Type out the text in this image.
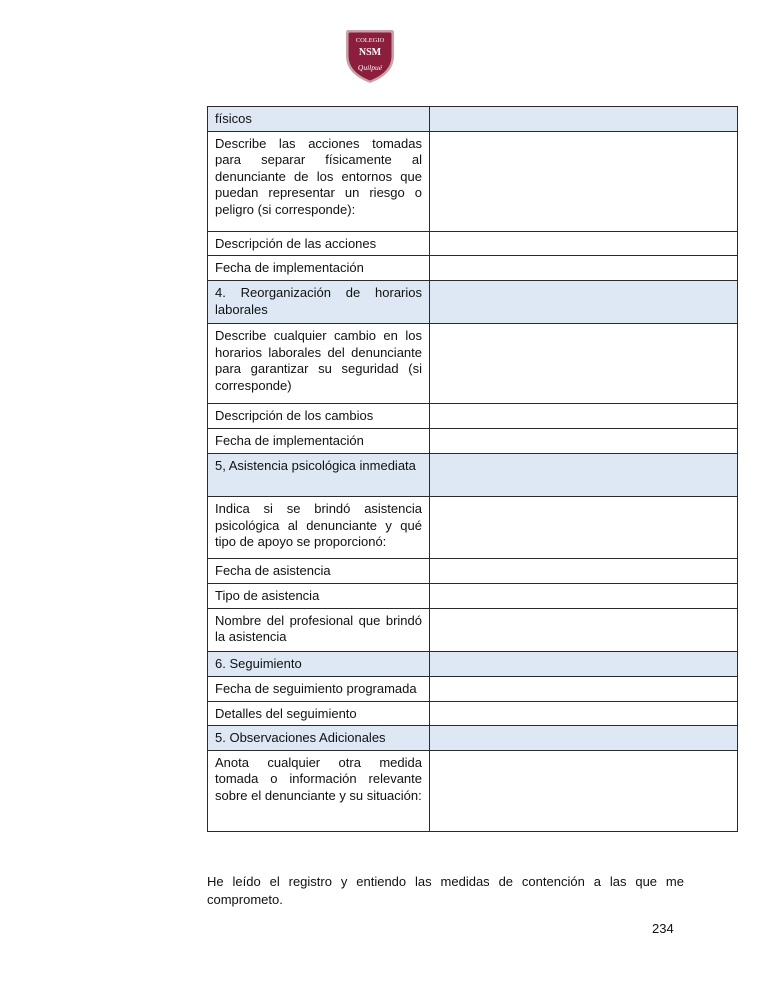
COLEGIO
NSM
Quilpué
físicos	
Describe las acciones tomadas para separar físicamente al denunciante de los entornos que puedan representar un riesgo o peligro (si corresponde):	
Descripción de las acciones	
Fecha de implementación	
4. Reorganización de horarios laborales	
Describe cualquier cambio en los horarios laborales del denunciante para garantizar su seguridad (si corresponde)	
Descripción de los cambios	
Fecha de implementación	
5, Asistencia psicológica inmediata	
Indica si se brindó asistencia psicológica al denunciante y qué tipo de apoyo se proporcionó:	
Fecha de asistencia	
Tipo de asistencia	
Nombre del profesional que brindó la asistencia	
6. Seguimiento	
Fecha de seguimiento programada	
Detalles del seguimiento	
5. Observaciones Adicionales	
Anota cualquier otra medida tomada o información relevante sobre el denunciante y su situación:	
He leído el registro y entiendo las medidas de contención a las que me comprometo.
234
